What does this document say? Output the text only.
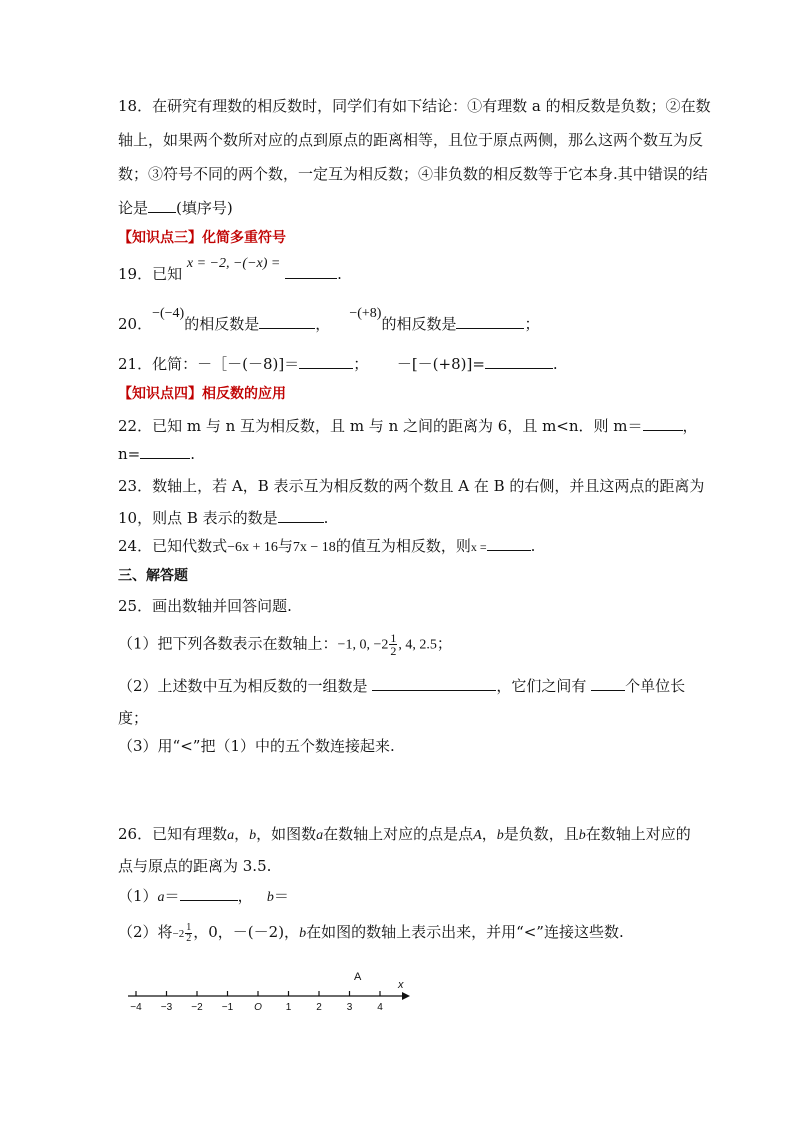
18．在研究有理数的相反数时，同学们有如下结论：①有理数 a 的相反数是负数；②在数
轴上，如果两个数所对应的点到原点的距离相等，且位于原点两侧，那么这两个数互为反
数；③符号不同的两个数，一定互为相反数；④非负数的相反数等于它本身.其中错误的结
论是 (填序号)
【知识点三】化简多重符号
19．已知 x = −2, −(−x) = .
20．−(−4)的相反数是	，    −(+8)的相反数是	；
21．化简：－［－(－8)]＝	； －[－(+8)]=	.
【知识点四】相反数的应用
22．已知 m 与 n 互为相反数，且 m 与 n 之间的距离为 6，且 m<n．则 m＝	，
n=	.
23．数轴上，若 A，B 表示互为相反数的两个数且 A 在 B 的右侧，并且这两点的距离为
10，则点 B 表示的数是	.
24．已知代数式−6x + 16与7x − 18的值互为相反数，则x =	.
三、解答题
25．画出数轴并回答问题.
（1）把下列各数表示在数轴上：−1, 0, $-2 \frac{1}{2}$ , 4, 2.5；
（2）上述数中互为相反数的一组数是	，它们之间有	个单位长
度；
（3）用“<”把（1）中的五个数连接起来.
26．已知有理数a，b，如图数a在数轴上对应的点是点A，b是负数，且b在数轴上对应的
点与原点的距离为 3.5.
（1）a＝	， b＝
（2）将$-2 \frac{1}{2}$ ，0，－(－2)，b在如图的数轴上表示出来，并用“<”连接这些数.
x
A
−4 −3 −2 −1 O 1 2 3 4
